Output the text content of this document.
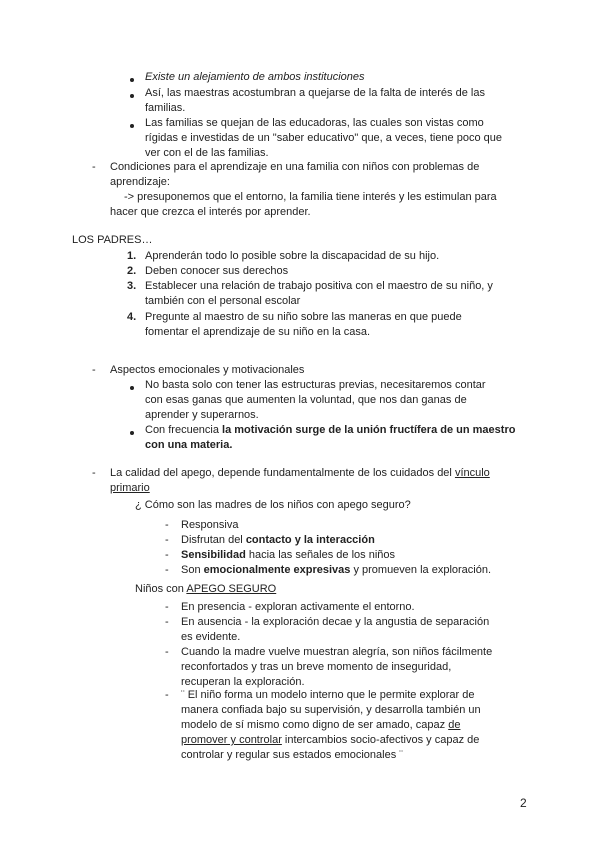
Existe un alejamiento de ambos instituciones
Así, las maestras acostumbran a quejarse de la falta de interés de las
familias.
Las familias se quejan de las educadoras, las cuales son vistas como
rígidas e investidas de un "saber educativo" que, a veces, tiene poco que
ver con el de las familias.
- Condiciones para el aprendizaje en una familia con niños con problemas de
aprendizaje:
-> presuponemos que el entorno, la familia tiene interés y les estimulan para
hacer que crezca el interés por aprender.
LOS PADRES…
1. Aprenderán todo lo posible sobre la discapacidad de su hijo.
2. Deben conocer sus derechos
3. Establecer una relación de trabajo positiva con el maestro de su niño, y
también con el personal escolar
4. Pregunte al maestro de su niño sobre las maneras en que puede
fomentar el aprendizaje de su niño en la casa.
- Aspectos emocionales y motivacionales
No basta solo con tener las estructuras previas, necesitaremos contar
con esas ganas que aumenten la voluntad, que nos dan ganas de
aprender y superarnos.
Con frecuencia la motivación surge de la unión fructífera de un maestro
con una materia.
- La calidad del apego, depende fundamentalmente de los cuidados del vínculo
primario
¿ Cómo son las madres de los niños con apego seguro?
- Responsiva
- Disfrutan del contacto y la interacción
- Sensibilidad hacia las señales de los niños
- Son emocionalmente expresivas y promueven la exploración.
Niños con APEGO SEGURO
- En presencia - exploran activamente el entorno.
- En ausencia - la exploración decae y la angustia de separación
es evidente.
- Cuando la madre vuelve muestran alegría, son niños fácilmente
reconfortados y tras un breve momento de inseguridad,
recuperan la exploración.
- ¨ El niño forma un modelo interno que le permite explorar de
manera confiada bajo su supervisión, y desarrolla también un
modelo de sí mismo como digno de ser amado, capaz de
promover y controlar intercambios socio-afectivos y capaz de
controlar y regular sus estados emocionales ¨
2
